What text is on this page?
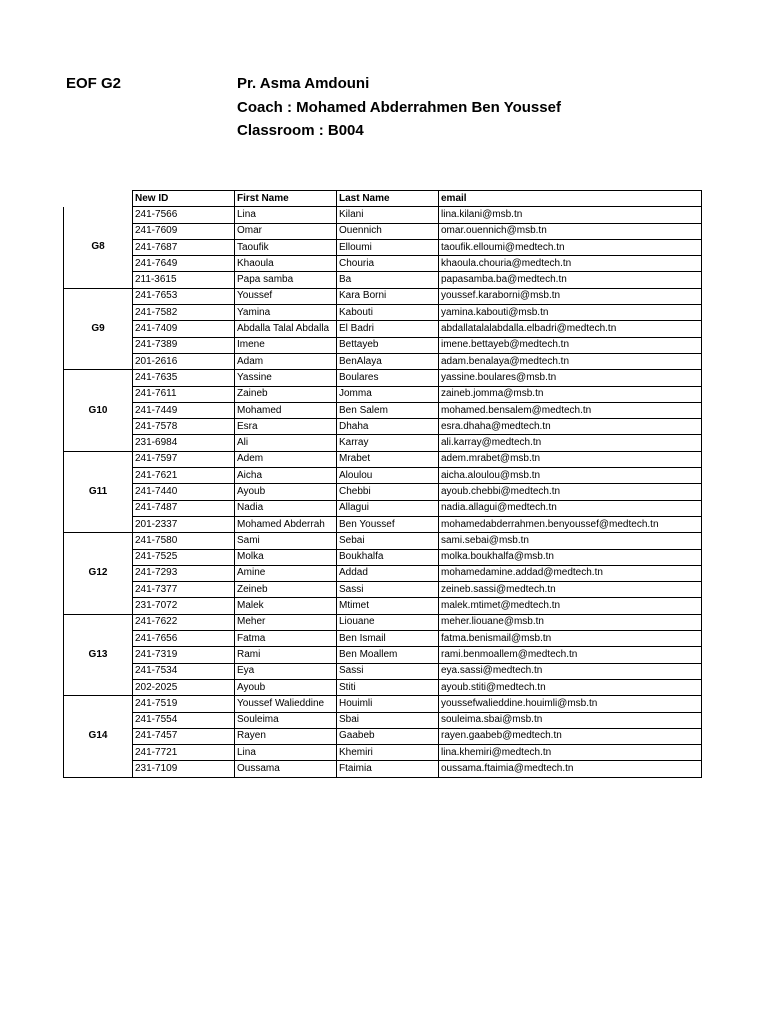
EOF G2	Pr. Asma Amdouni
Coach : Mohamed Abderrahmen Ben Youssef
Classroom : B004
	New ID	First Name	Last Name	email
G8	241-7566	Lina	Kilani	lina.kilani@msb.tn
	241-7609	Omar	Ouennich	omar.ouennich@msb.tn
	241-7687	Taoufik	Elloumi	taoufik.elloumi@medtech.tn
	241-7649	Khaoula	Chouria	khaoula.chouria@medtech.tn
	211-3615	Papa samba	Ba	papasamba.ba@medtech.tn
G9	241-7653	Youssef	Kara Borni	youssef.karaborni@msb.tn
	241-7582	Yamina	Kabouti	yamina.kabouti@msb.tn
	241-7409	Abdalla Talal Abdalla	El Badri	abdallatalalabdalla.elbadri@medtech.tn
	241-7389	Imene	Bettayeb	imene.bettayeb@medtech.tn
	201-2616	Adam	BenAlaya	adam.benalaya@medtech.tn
G10	241-7635	Yassine	Boulares	yassine.boulares@msb.tn
	241-7611	Zaineb	Jomma	zaineb.jomma@msb.tn
	241-7449	Mohamed	Ben Salem	mohamed.bensalem@medtech.tn
	241-7578	Esra	Dhaha	esra.dhaha@medtech.tn
	231-6984	Ali	Karray	ali.karray@medtech.tn
G11	241-7597	Adem	Mrabet	adem.mrabet@msb.tn
	241-7621	Aicha	Aloulou	aicha.aloulou@msb.tn
	241-7440	Ayoub	Chebbi	ayoub.chebbi@medtech.tn
	241-7487	Nadia	Allagui	nadia.allagui@medtech.tn
	201-2337	Mohamed Abderrah	Ben Youssef	mohamedabderrahmen.benyoussef@medtech.tn
G12	241-7580	Sami	Sebai	sami.sebai@msb.tn
	241-7525	Molka	Boukhalfa	molka.boukhalfa@msb.tn
	241-7293	Amine	Addad	mohamedamine.addad@medtech.tn
	241-7377	Zeineb	Sassi	zeineb.sassi@medtech.tn
	231-7072	Malek	Mtimet	malek.mtimet@medtech.tn
G13	241-7622	Meher	Liouane	meher.liouane@msb.tn
	241-7656	Fatma	Ben Ismail	fatma.benismail@msb.tn
	241-7319	Rami	Ben Moallem	rami.benmoallem@medtech.tn
	241-7534	Eya	Sassi	eya.sassi@medtech.tn
	202-2025	Ayoub	Stiti	ayoub.stiti@medtech.tn
G14	241-7519	Youssef Walieddine	Houimli	youssefwalieddine.houimli@msb.tn
	241-7554	Souleima	Sbai	souleima.sbai@msb.tn
	241-7457	Rayen	Gaabeb	rayen.gaabeb@medtech.tn
	241-7721	Lina	Khemiri	lina.khemiri@medtech.tn
	231-7109	Oussama	Ftaimia	oussama.ftaimia@medtech.tn
